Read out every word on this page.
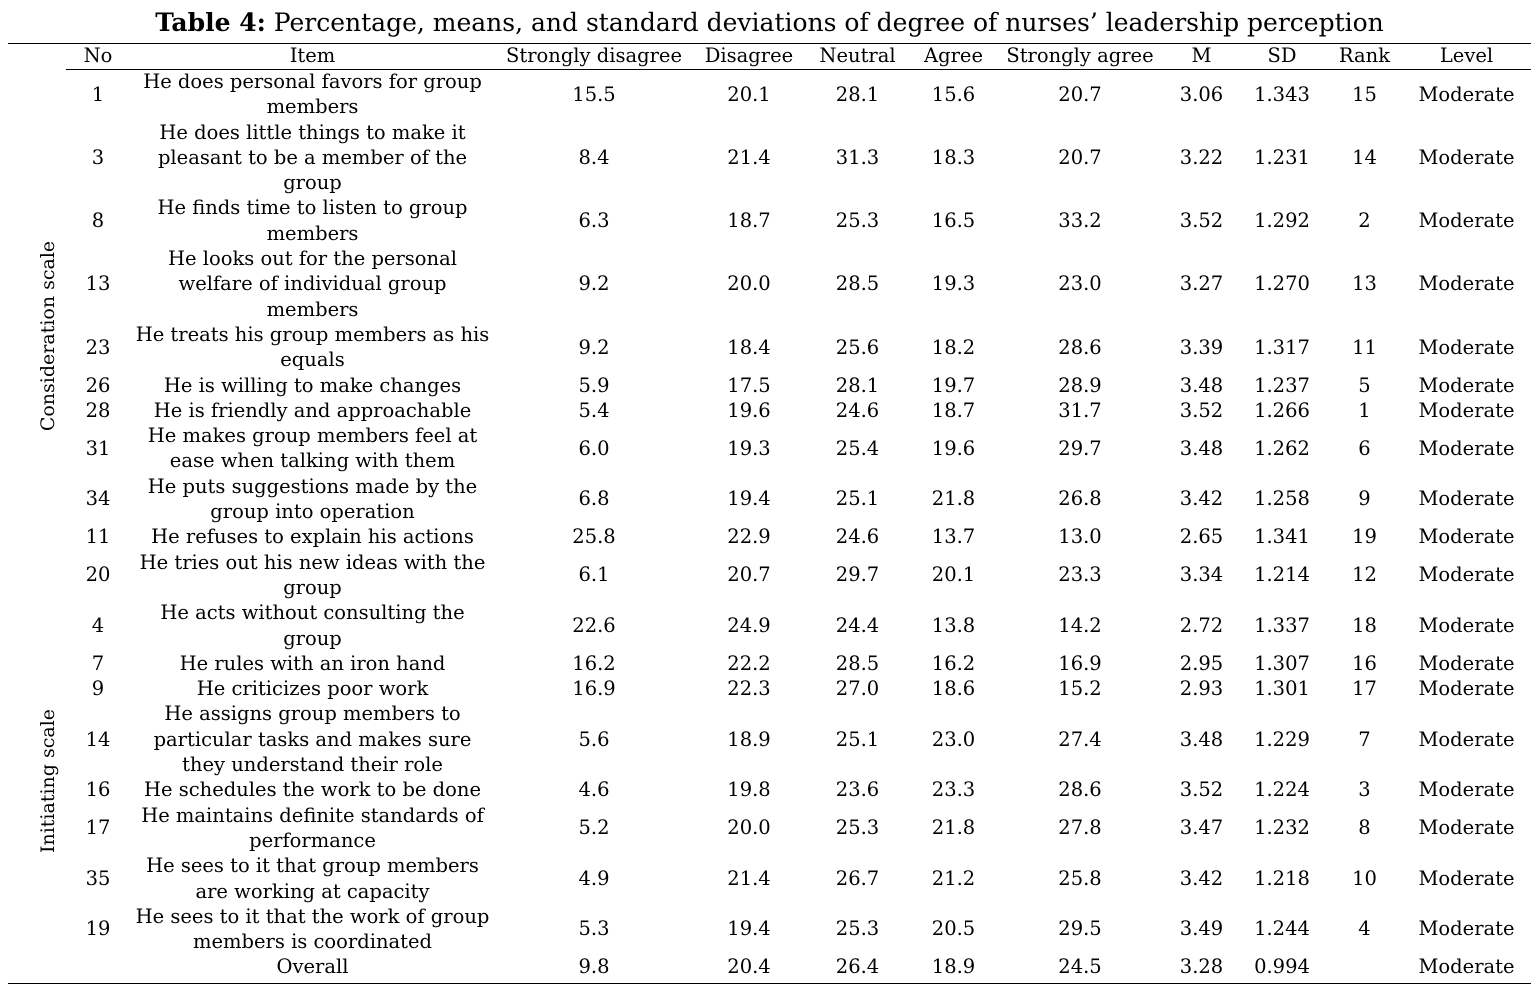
Table 4: Percentage, means, and standard deviations of degree of nurses’ leadership perception
Consideration scale
Initiating scale
No	Item	Strongly disagree	Disagree	Neutral	Agree	Strongly agree	M	SD	Rank	Level
1	He does personal favors for group members	15.5	20.1	28.1	15.6	20.7	3.06	1.343	15	Moderate
3	He does little things to make it pleasant to be a member of the group	8.4	21.4	31.3	18.3	20.7	3.22	1.231	14	Moderate
8	He finds time to listen to group members	6.3	18.7	25.3	16.5	33.2	3.52	1.292	2	Moderate
13	He looks out for the personal welfare of individual group members	9.2	20.0	28.5	19.3	23.0	3.27	1.270	13	Moderate
23	He treats his group members as his equals	9.2	18.4	25.6	18.2	28.6	3.39	1.317	11	Moderate
26	He is willing to make changes	5.9	17.5	28.1	19.7	28.9	3.48	1.237	5	Moderate
28	He is friendly and approachable	5.4	19.6	24.6	18.7	31.7	3.52	1.266	1	Moderate
31	He makes group members feel at ease when talking with them	6.0	19.3	25.4	19.6	29.7	3.48	1.262	6	Moderate
34	He puts suggestions made by the group into operation	6.8	19.4	25.1	21.8	26.8	3.42	1.258	9	Moderate
11	He refuses to explain his actions	25.8	22.9	24.6	13.7	13.0	2.65	1.341	19	Moderate
20	He tries out his new ideas with the group	6.1	20.7	29.7	20.1	23.3	3.34	1.214	12	Moderate
4	He acts without consulting the group	22.6	24.9	24.4	13.8	14.2	2.72	1.337	18	Moderate
7	He rules with an iron hand	16.2	22.2	28.5	16.2	16.9	2.95	1.307	16	Moderate
9	He criticizes poor work	16.9	22.3	27.0	18.6	15.2	2.93	1.301	17	Moderate
14	He assigns group members to particular tasks and makes sure they understand their role	5.6	18.9	25.1	23.0	27.4	3.48	1.229	7	Moderate
16	He schedules the work to be done	4.6	19.8	23.6	23.3	28.6	3.52	1.224	3	Moderate
17	He maintains definite standards of performance	5.2	20.0	25.3	21.8	27.8	3.47	1.232	8	Moderate
35	He sees to it that group members are working at capacity	4.9	21.4	26.7	21.2	25.8	3.42	1.218	10	Moderate
19	He sees to it that the work of group members is coordinated	5.3	19.4	25.3	20.5	29.5	3.49	1.244	4	Moderate
	Overall	9.8	20.4	26.4	18.9	24.5	3.28	0.994		Moderate
